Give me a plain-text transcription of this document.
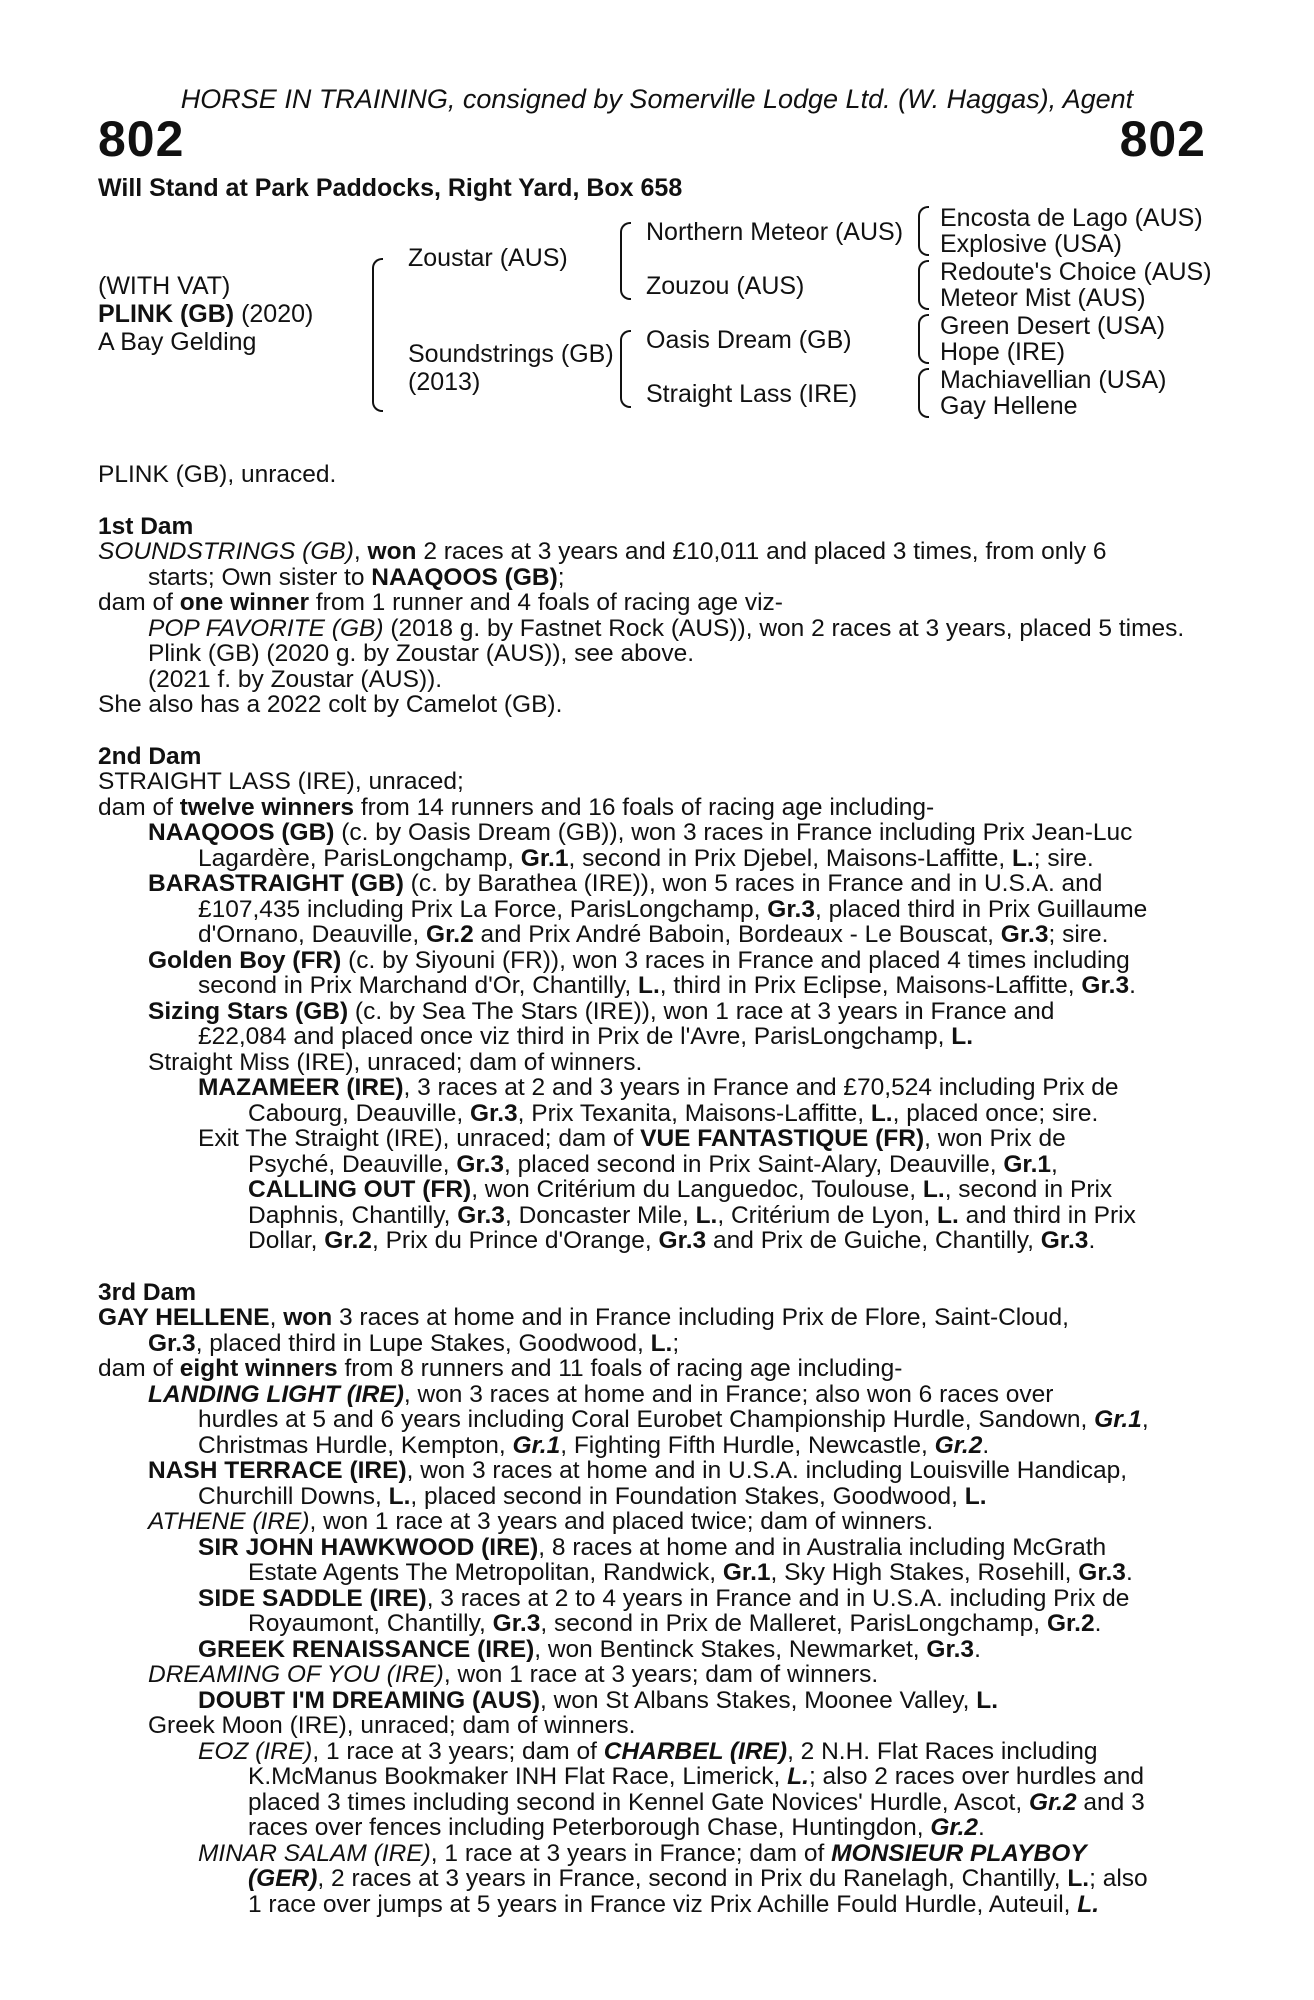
HORSE IN TRAINING, consigned by Somerville Lodge Ltd. (W. Haggas), Agent
802	802
Will Stand at Park Paddocks, Right Yard, Box 658
(WITH VAT)
PLINK (GB) (2020)
A Bay Gelding
Zoustar (AUS)
Soundstrings (GB)
(2013)
Northern Meteor (AUS)
Zouzou (AUS)
Oasis Dream (GB)
Straight Lass (IRE)
Encosta de Lago (AUS)
Explosive (USA)
Redoute's Choice (AUS)
Meteor Mist (AUS)
Green Desert (USA)
Hope (IRE)
Machiavellian (USA)
Gay Hellene

PLINK (GB), unraced.

1st Dam

SOUNDSTRINGS (GB), won 2 races at 3 years and £10,011 and placed 3 times, from only 6

starts; Own sister to NAAQOOS (GB);

dam of one winner from 1 runner and 4 foals of racing age viz-

POP FAVORITE (GB) (2018 g. by Fastnet Rock (AUS)), won 2 races at 3 years, placed 5 times.

Plink (GB) (2020 g. by Zoustar (AUS)), see above.

(2021 f. by Zoustar (AUS)).

She also has a 2022 colt by Camelot (GB).

2nd Dam

STRAIGHT LASS (IRE), unraced;

dam of twelve winners from 14 runners and 16 foals of racing age including-

NAAQOOS (GB) (c. by Oasis Dream (GB)), won 3 races in France including Prix Jean-Luc

Lagardère, ParisLongchamp, Gr.1, second in Prix Djebel, Maisons-Laffitte, L.; sire.

BARASTRAIGHT (GB) (c. by Barathea (IRE)), won 5 races in France and in U.S.A. and

£107,435 including Prix La Force, ParisLongchamp, Gr.3, placed third in Prix Guillaume

d'Ornano, Deauville, Gr.2 and Prix André Baboin, Bordeaux - Le Bouscat, Gr.3; sire.

Golden Boy (FR) (c. by Siyouni (FR)), won 3 races in France and placed 4 times including

second in Prix Marchand d'Or, Chantilly, L., third in Prix Eclipse, Maisons-Laffitte, Gr.3.

Sizing Stars (GB) (c. by Sea The Stars (IRE)), won 1 race at 3 years in France and

£22,084 and placed once viz third in Prix de l'Avre, ParisLongchamp, L.

Straight Miss (IRE), unraced; dam of winners.

MAZAMEER (IRE), 3 races at 2 and 3 years in France and £70,524 including Prix de

Cabourg, Deauville, Gr.3, Prix Texanita, Maisons-Laffitte, L., placed once; sire.

Exit The Straight (IRE), unraced; dam of VUE FANTASTIQUE (FR), won Prix de

Psyché, Deauville, Gr.3, placed second in Prix Saint-Alary, Deauville, Gr.1,

CALLING OUT (FR), won Critérium du Languedoc, Toulouse, L., second in Prix

Daphnis, Chantilly, Gr.3, Doncaster Mile, L., Critérium de Lyon, L. and third in Prix

Dollar, Gr.2, Prix du Prince d'Orange, Gr.3 and Prix de Guiche, Chantilly, Gr.3.

3rd Dam

GAY HELLENE, won 3 races at home and in France including Prix de Flore, Saint-Cloud,

Gr.3, placed third in Lupe Stakes, Goodwood, L.;

dam of eight winners from 8 runners and 11 foals of racing age including-

LANDING LIGHT (IRE), won 3 races at home and in France; also won 6 races over

hurdles at 5 and 6 years including Coral Eurobet Championship Hurdle, Sandown, Gr.1,

Christmas Hurdle, Kempton, Gr.1, Fighting Fifth Hurdle, Newcastle, Gr.2.

NASH TERRACE (IRE), won 3 races at home and in U.S.A. including Louisville Handicap,

Churchill Downs, L., placed second in Foundation Stakes, Goodwood, L.

ATHENE (IRE), won 1 race at 3 years and placed twice; dam of winners.

SIR JOHN HAWKWOOD (IRE), 8 races at home and in Australia including McGrath

Estate Agents The Metropolitan, Randwick, Gr.1, Sky High Stakes, Rosehill, Gr.3.

SIDE SADDLE (IRE), 3 races at 2 to 4 years in France and in U.S.A. including Prix de

Royaumont, Chantilly, Gr.3, second in Prix de Malleret, ParisLongchamp, Gr.2.

GREEK RENAISSANCE (IRE), won Bentinck Stakes, Newmarket, Gr.3.

DREAMING OF YOU (IRE), won 1 race at 3 years; dam of winners.

DOUBT I'M DREAMING (AUS), won St Albans Stakes, Moonee Valley, L.

Greek Moon (IRE), unraced; dam of winners.

EOZ (IRE), 1 race at 3 years; dam of CHARBEL (IRE), 2 N.H. Flat Races including

K.McManus Bookmaker INH Flat Race, Limerick, L.; also 2 races over hurdles and

placed 3 times including second in Kennel Gate Novices' Hurdle, Ascot, Gr.2 and 3

races over fences including Peterborough Chase, Huntingdon, Gr.2.

MINAR SALAM (IRE), 1 race at 3 years in France; dam of MONSIEUR PLAYBOY

(GER), 2 races at 3 years in France, second in Prix du Ranelagh, Chantilly, L.; also

1 race over jumps at 5 years in France viz Prix Achille Fould Hurdle, Auteuil, L.
